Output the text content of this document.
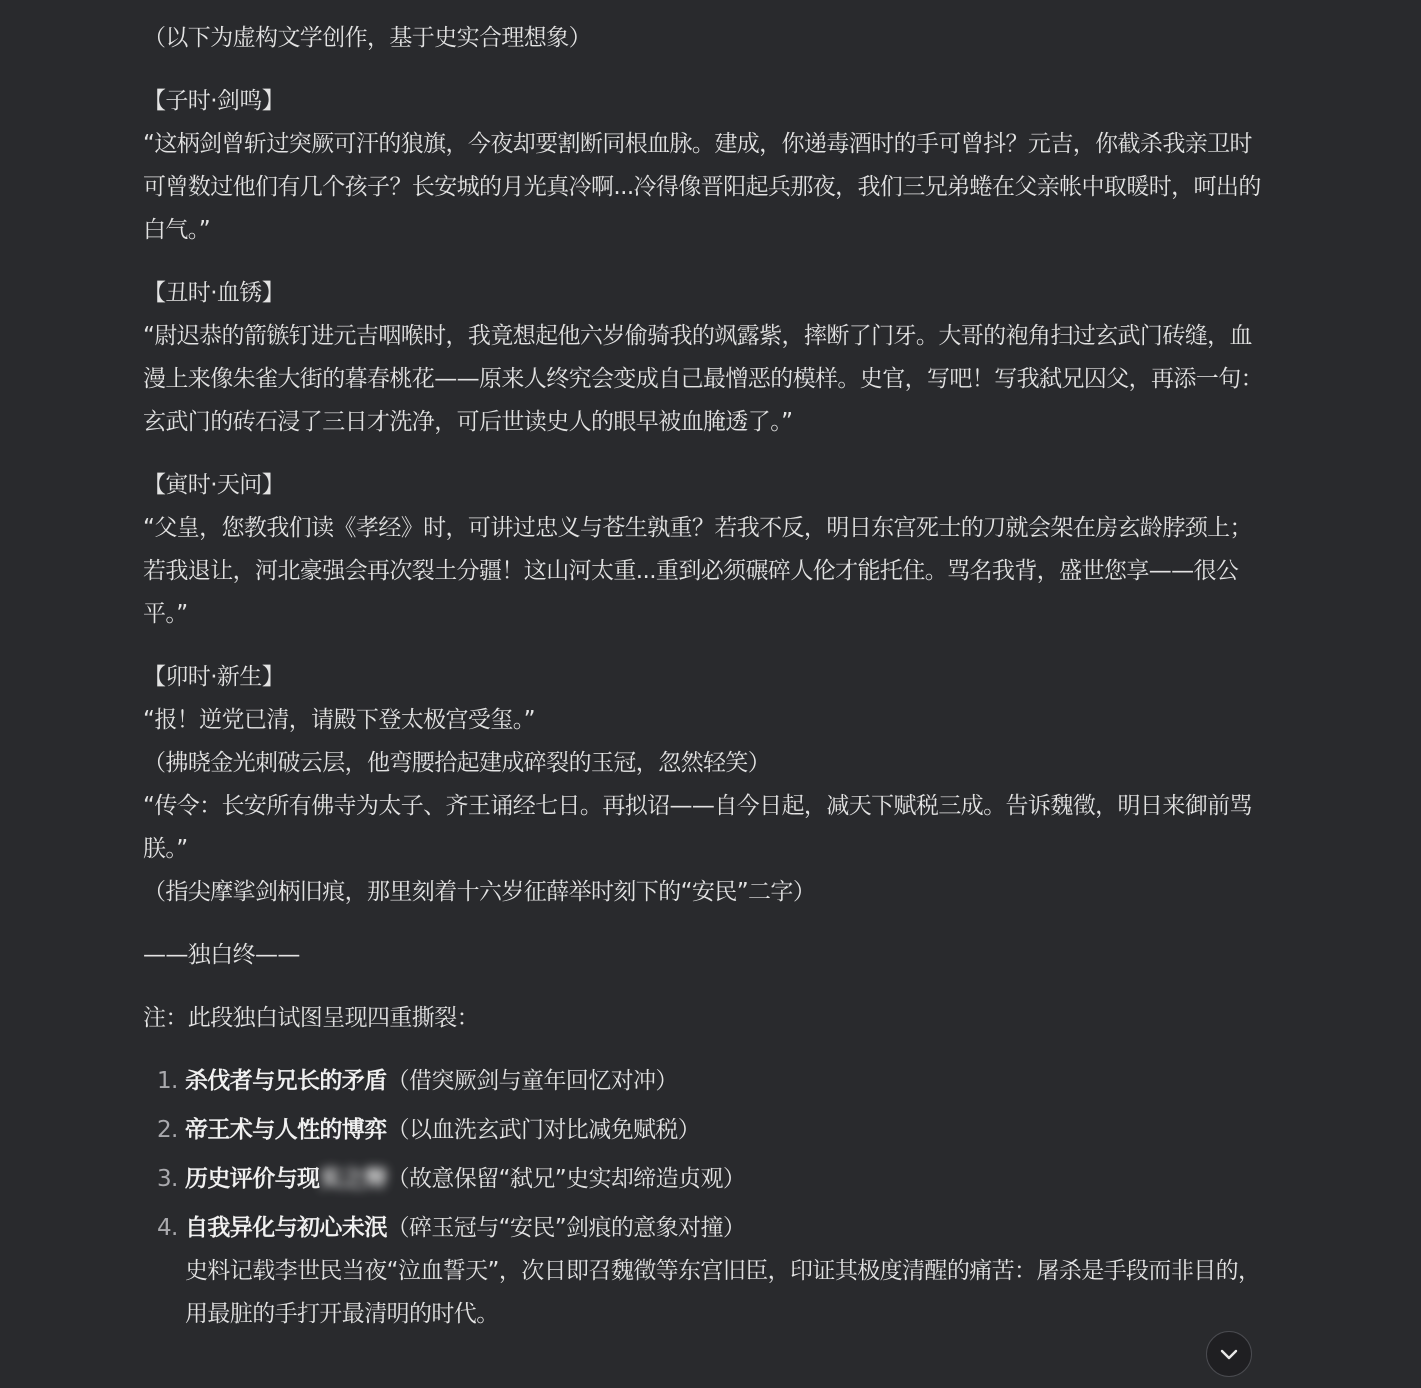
（以下为虚构文学创作，基于史实合理想象）

【子时·剑鸣】

“这柄剑曾斩过突厥可汗的狼旗，今夜却要割断同根血脉。建成，你递毒酒时的手可曾抖？元吉，你截杀我亲卫时可曾数过他们有几个孩子？长安城的月光真冷啊...冷得像晋阳起兵那夜，我们三兄弟蜷在父亲帐中取暖时，呵出的白气。”

【丑时·血锈】

“尉迟恭的箭镞钉进元吉咽喉时，我竟想起他六岁偷骑我的飒露紫，摔断了门牙。大哥的袍角扫过玄武门砖缝，血漫上来像朱雀大街的暮春桃花——原来人终究会变成自己最憎恶的模样。史官，写吧！写我弑兄囚父，再添一句：玄武门的砖石浸了三日才洗净，可后世读史人的眼早被血腌透了。”

【寅时·天问】

“父皇，您教我们读《孝经》时，可讲过忠义与苍生孰重？若我不反，明日东宫死士的刀就会架在房玄龄脖颈上；若我退让，河北豪强会再次裂土分疆！这山河太重...重到必须碾碎人伦才能托住。骂名我背，盛世您享——很公平。”

【卯时·新生】

“报！逆党已清，请殿下登太极宫受玺。”

（拂晓金光刺破云层，他弯腰拾起建成碎裂的玉冠，忽然轻笑）

“传令：长安所有佛寺为太子、齐王诵经七日。再拟诏——自今日起，减天下赋税三成。告诉魏徵，明日来御前骂朕。”

（指尖摩挲剑柄旧痕，那里刻着十六岁征薛举时刻下的“安民”二字）

——独白终——

注：此段独白试图呈现四重撕裂：

1. 杀伐者与兄长的矛盾（借突厥剑与童年回忆对冲）
2. 帝王术与人性的博弈（以血洗玄武门对比减免赋税）
3. 历史评价与现实之辩（故意保留“弑兄”史实却缔造贞观）
4. 自我异化与初心未泯（碎玉冠与“安民”剑痕的意象对撞）
史料记载李世民当夜“泣血誓天”，次日即召魏徵等东宫旧臣，印证其极度清醒的痛苦：屠杀是手段而非目的，用最脏的手打开最清明的时代。
